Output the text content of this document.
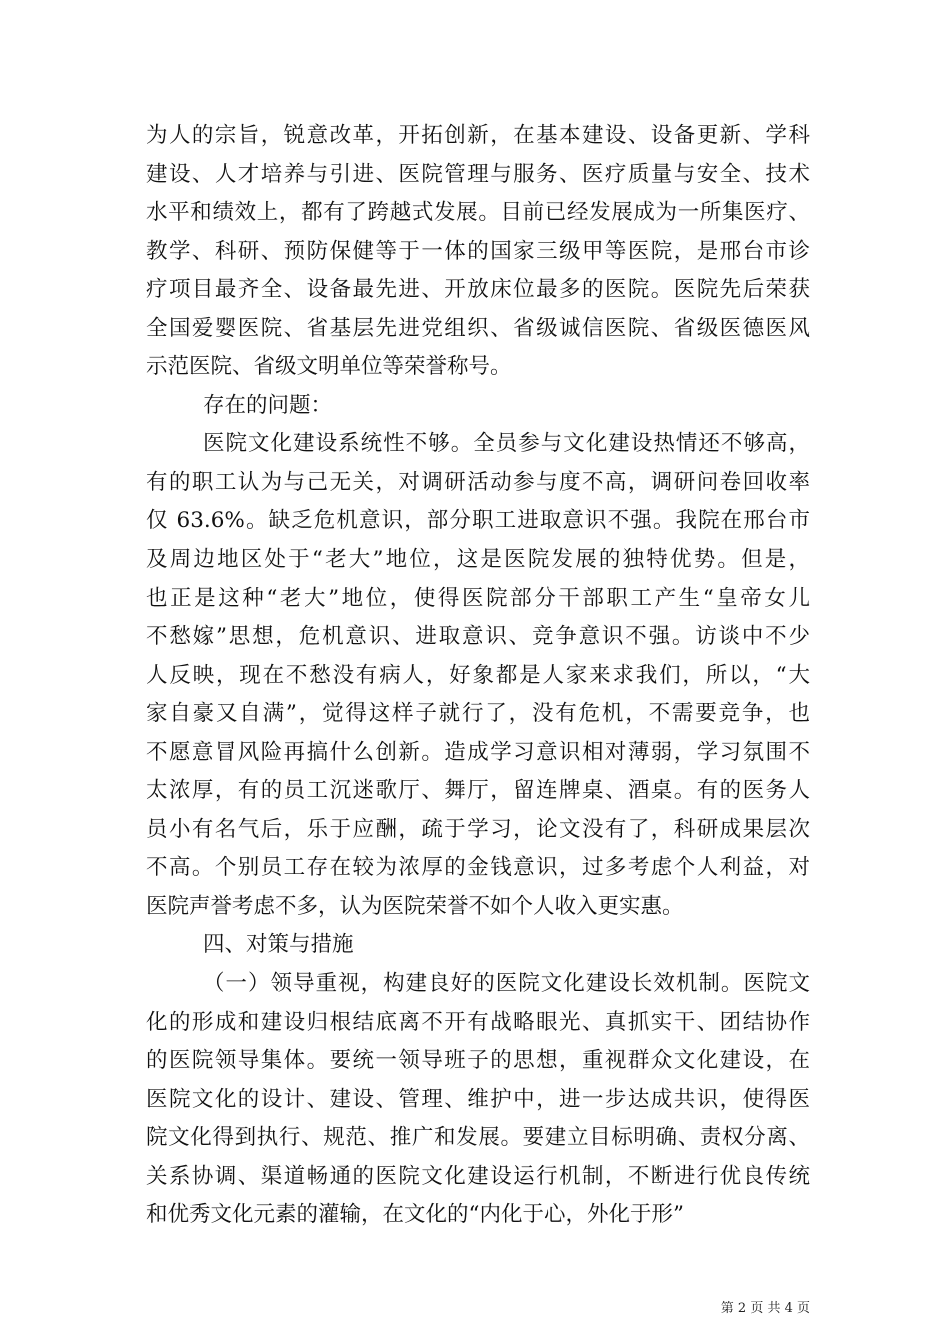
为人的宗旨，锐意改革，开拓创新，在基本建设、设备更新、学科
建设、人才培养与引进、医院管理与服务、医疗质量与安全、技术
水平和绩效上，都有了跨越式发展。目前已经发展成为一所集医疗、
教学、科研、预防保健等于一体的国家三级甲等医院，是邢台市诊
疗项目最齐全、设备最先进、开放床位最多的医院。医院先后荣获
全国爱婴医院、省基层先进党组织、省级诚信医院、省级医德医风
示范医院、省级文明单位等荣誉称号。
存在的问题：
医院文化建设系统性不够。全员参与文化建设热情还不够高，
有的职工认为与己无关，对调研活动参与度不高，调研问卷回收率
仅 63.6%。缺乏危机意识，部分职工进取意识不强。我院在邢台市
及周边地区处于“老大”地位，这是医院发展的独特优势。但是，
也正是这种“老大”地位，使得医院部分干部职工产生“皇帝女儿
不愁嫁”思想，危机意识、进取意识、竞争意识不强。访谈中不少
人反映，现在不愁没有病人，好象都是人家来求我们，所以，“大
家自豪又自满”，觉得这样子就行了，没有危机，不需要竞争，也
不愿意冒风险再搞什么创新。造成学习意识相对薄弱，学习氛围不
太浓厚，有的员工沉迷歌厅、舞厅，留连牌桌、酒桌。有的医务人
员小有名气后，乐于应酬，疏于学习，论文没有了，科研成果层次
不高。个别员工存在较为浓厚的金钱意识，过多考虑个人利益，对
医院声誉考虑不多，认为医院荣誉不如个人收入更实惠。
四、对策与措施
（一）领导重视，构建良好的医院文化建设长效机制。医院文
化的形成和建设归根结底离不开有战略眼光、真抓实干、团结协作
的医院领导集体。要统一领导班子的思想，重视群众文化建设，在
医院文化的设计、建设、管理、维护中，进一步达成共识，使得医
院文化得到执行、规范、推广和发展。要建立目标明确、责权分离、
关系协调、渠道畅通的医院文化建设运行机制，不断进行优良传统
和优秀文化元素的灌输，在文化的“内化于心，外化于形”
第 2 页 共 4 页
